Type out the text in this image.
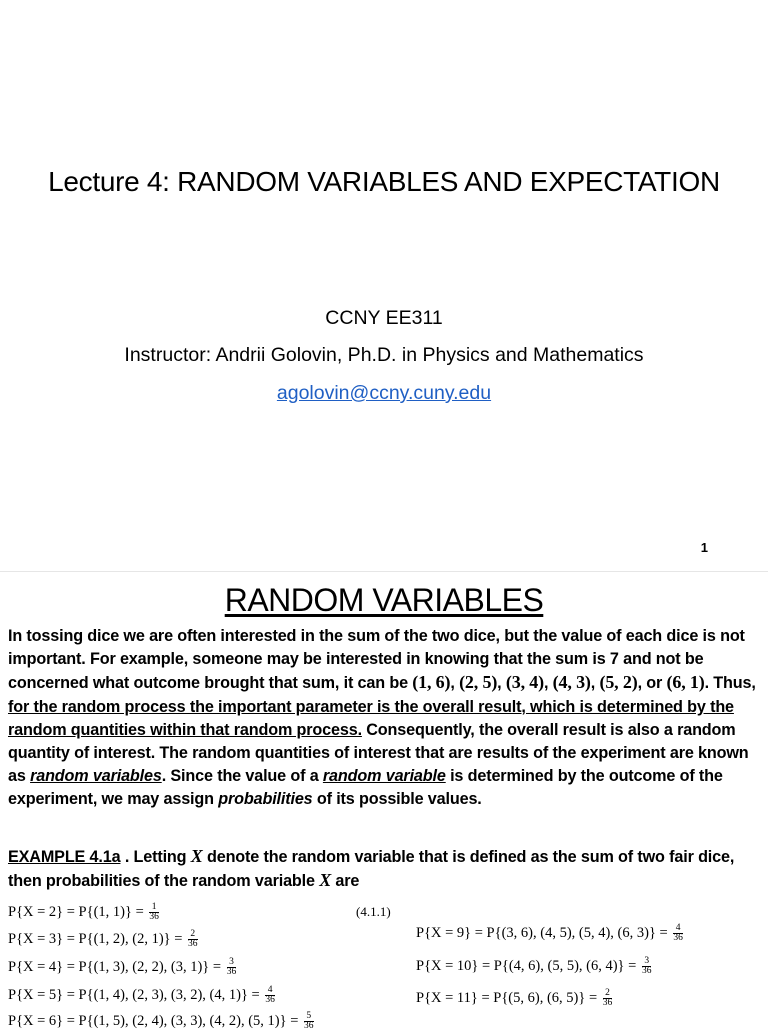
Lecture 4: RANDOM VARIABLES AND EXPECTATION
CCNY EE311
Instructor: Andrii Golovin, Ph.D. in Physics and Mathematics
agolovin@ccny.cuny.edu
1
RANDOM VARIABLES
In tossing dice we are often interested in the sum of the two dice, but the value of each dice is not important. For example, someone may be interested in knowing that the sum is 7 and not be concerned what outcome brought that sum, it can be (1, 6), (2, 5), (3, 4), (4, 3), (5, 2), or (6, 1). Thus, for the random process the important parameter is the overall result, which is determined by the random quantities within that random process. Consequently, the overall result is also a random quantity of interest. The random quantities of interest that are results of the experiment are known as random variables. Since the value of a random variable is determined by the outcome of the experiment, we may assign probabilities of its possible values.
EXAMPLE 4.1a . Letting X denote the random variable that is defined as the sum of two fair dice, then probabilities of the random variable X are
(4.1.1)
P{X = 2} = P{(1, $1)\} = \frac{1}{36}$
P{X = 3} = P{(1, 2), (2, $1)\} = \frac{2}{36}$
P{X = 4} = P{(1, 3), (2, 2), (3, $1)\} = \frac{3}{36}$
P{X = 5} = P{(1, 4), (2, 3), (3, 2), (4, $1)\} = \frac{4}{36}$
P{X = 6} = P{(1, 5), (2, 4), (3, 3), (4, 2), (5, $1)\} = \frac{5}{36}$
P{X = 9} = P{(3, 6), (4, 5), (5, 4), (6, $3)\} = \frac{4}{36}$
P{X = 10} = P{(4, 6), (5, 5), (6, $4)\} = \frac{3}{36}$
P{X = 11} = P{(5, 6), (6, $5)\} = \frac{2}{36}$
